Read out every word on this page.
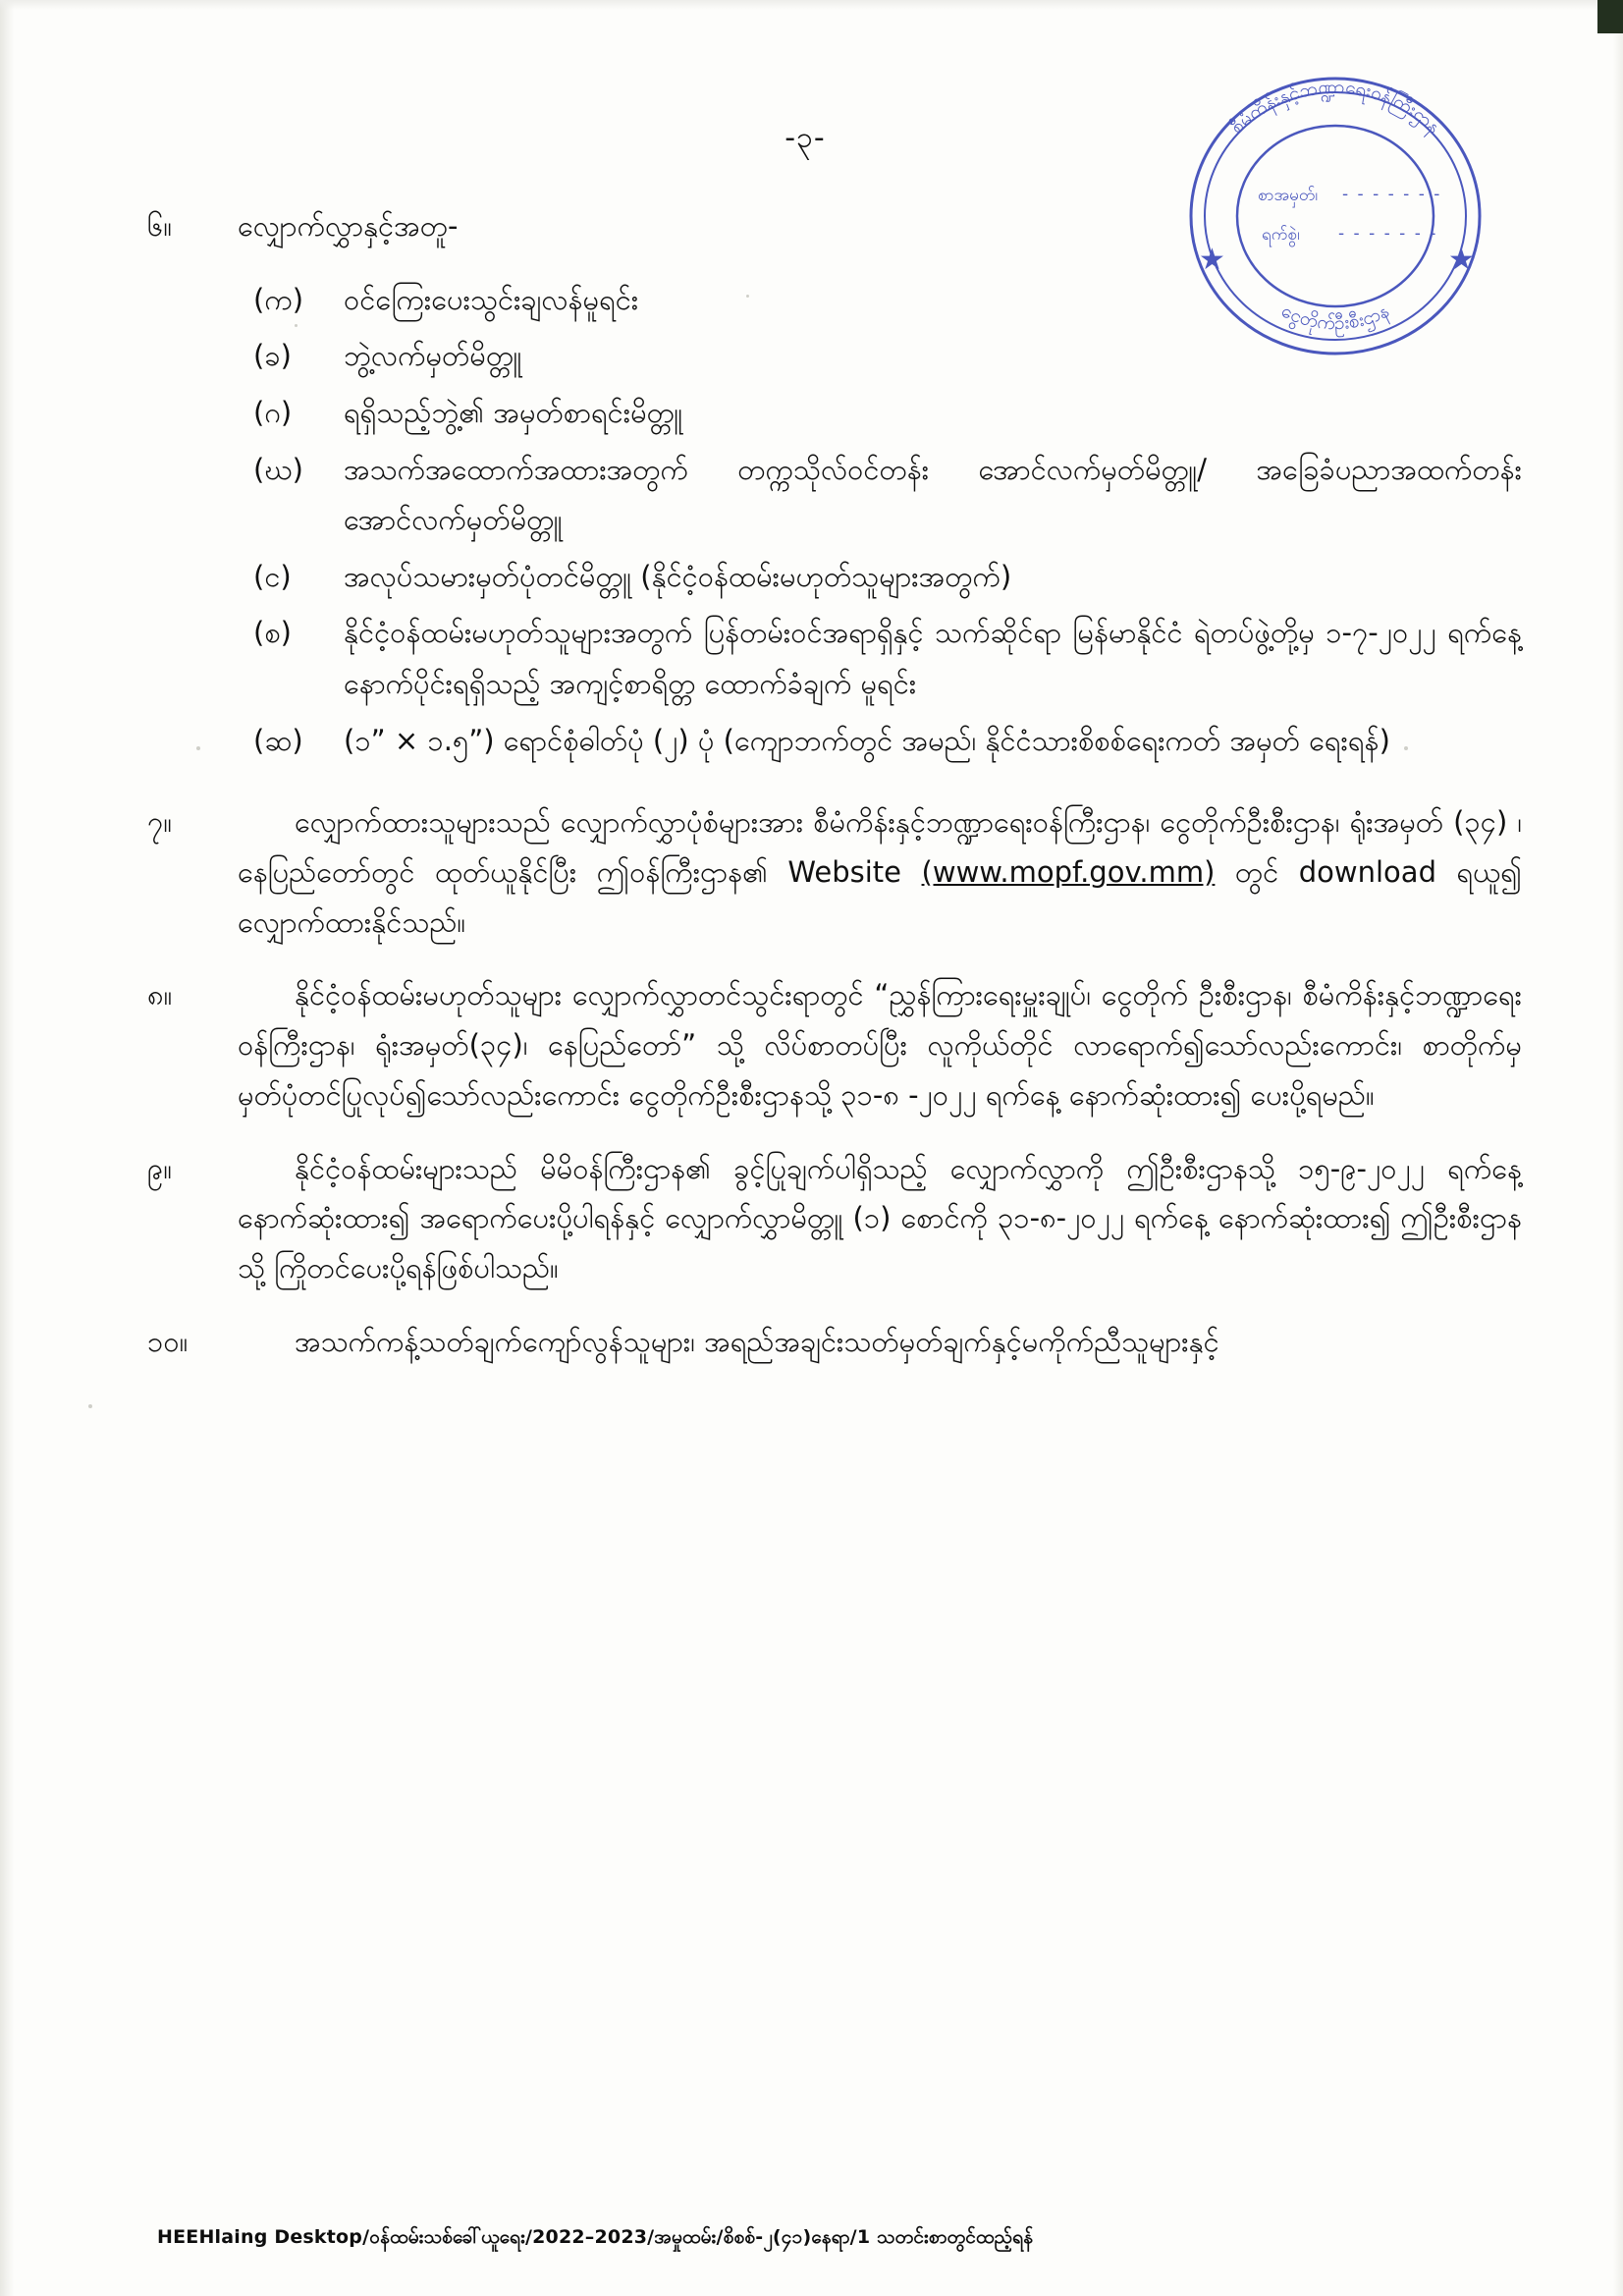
စီမံကိန်းနှင့်ဘဏ္ဍာရေးဝန်ကြီးဌာန
ငွေတိုက်ဦးစီးဌာန
★	★
စာအမှတ်၊ - - - - - - -
ရက်စွဲ၊ - - - - - - -
-၃-
၆။	လျှောက်လွှာနှင့်အတူ-
(က)	ဝင်ကြေးပေးသွင်းချလန်မူရင်း
(ခ)	ဘွဲ့လက်မှတ်မိတ္တူ
(ဂ)	ရရှိသည့်ဘွဲ့၏ အမှတ်စာရင်းမိတ္တူ
(ဃ)	အသက်အထောက်အထားအတွက် တက္ကသိုလ်ဝင်တန်း အောင်လက်မှတ်မိတ္တူ/ အခြေခံပညာအထက်တန်း အောင်လက်မှတ်မိတ္တူ
(င)	အလုပ်သမားမှတ်ပုံတင်မိတ္တူ (နိုင်ငံ့ဝန်ထမ်းမဟုတ်သူများအတွက်)
(စ)	နိုင်ငံ့ဝန်ထမ်းမဟုတ်သူများအတွက် ပြန်တမ်းဝင်အရာရှိနှင့် သက်ဆိုင်ရာ မြန်မာနိုင်ငံ ရဲတပ်ဖွဲ့တို့မှ ၁-၇-၂၀၂၂ ရက်နေ့ နောက်ပိုင်းရရှိသည့် အကျင့်စာရိတ္တ ထောက်ခံချက် မူရင်း
(ဆ)	(၁” × ၁.၅”) ရောင်စုံဓါတ်ပုံ (၂) ပုံ (ကျောဘက်တွင် အမည်၊ နိုင်ငံသားစိစစ်ရေးကတ် အမှတ် ရေးရန်)
၇။	လျှောက်ထားသူများသည် လျှောက်လွှာပုံစံများအား စီမံကိန်းနှင့်ဘဏ္ဍာရေးဝန်ကြီးဌာန၊ ငွေတိုက်ဦးစီးဌာန၊ ရုံးအမှတ် (၃၄) ၊ နေပြည်တော်တွင် ထုတ်ယူနိုင်ပြီး ဤဝန်ကြီးဌာန၏ Website (www.mopf.gov.mm) တွင် download ရယူ၍ လျှောက်ထားနိုင်သည်။
၈။	နိုင်ငံ့ဝန်ထမ်းမဟုတ်သူများ လျှောက်လွှာတင်သွင်းရာတွင် “ညွှန်ကြားရေးမှူးချုပ်၊ ငွေတိုက် ဦးစီးဌာန၊ စီမံကိန်းနှင့်ဘဏ္ဍာရေးဝန်ကြီးဌာန၊ ရုံးအမှတ်(၃၄)၊ နေပြည်တော်” သို့ လိပ်စာတပ်ပြီး လူကိုယ်တိုင် လာရောက်၍သော်လည်းကောင်း၊ စာတိုက်မှ မှတ်ပုံတင်ပြုလုပ်၍သော်လည်းကောင်း ငွေတိုက်ဦးစီးဌာနသို့ ၃၁-၈ -၂၀၂၂ ရက်နေ့ နောက်ဆုံးထား၍ ပေးပို့ရမည်။
၉။	နိုင်ငံ့ဝန်ထမ်းများသည် မိမိဝန်ကြီးဌာန၏ ခွင့်ပြုချက်ပါရှိသည့် လျှောက်လွှာကို ဤဦးစီးဌာနသို့ ၁၅-၉-၂၀၂၂ ရက်နေ့ နောက်ဆုံးထား၍ အရောက်ပေးပို့ပါရန်နှင့် လျှောက်လွှာမိတ္တူ (၁) စောင်ကို ၃၁-၈-၂၀၂၂ ရက်နေ့ နောက်ဆုံးထား၍ ဤဦးစီးဌာနသို့ ကြိုတင်ပေးပို့ရန်ဖြစ်ပါသည်။
၁၀။	အသက်ကန့်သတ်ချက်ကျော်လွန်သူများ၊ အရည်အချင်းသတ်မှတ်ချက်နှင့်မကိုက်ညီသူများနှင့်
HEEHlaing Desktop/ဝန်ထမ်းသစ်ခေါ်ယူရေး/2022–2023/အမှုထမ်း/စိစစ်-၂(၄၁)နေရာ/1 သတင်းစာတွင်ထည့်ရန်
